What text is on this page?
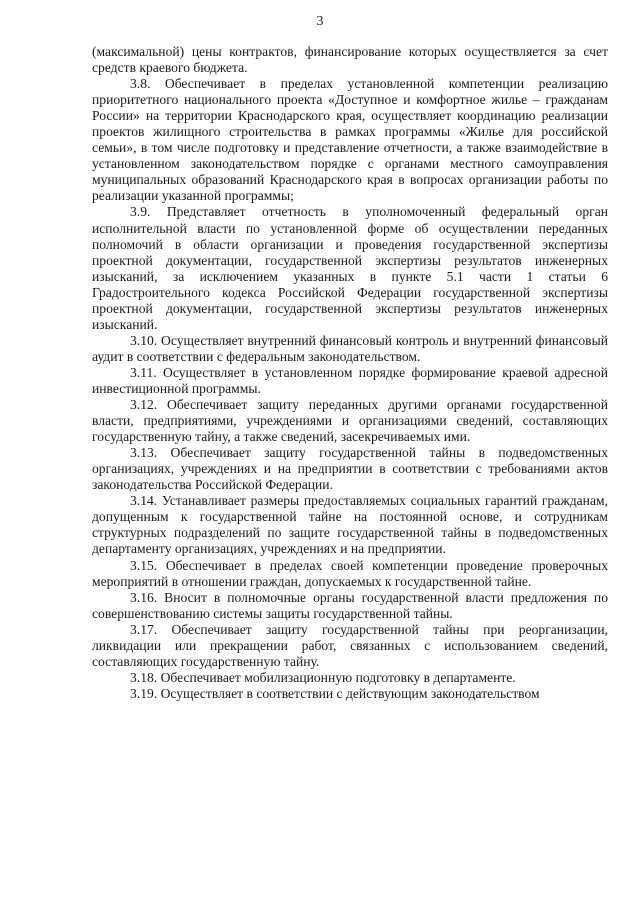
3

(максимальной) цены контрактов, финансирование которых осуществляется за счет средств краевого бюджета.

3.8. Обеспечивает в пределах установленной компетенции реализацию приоритетного национального проекта «Доступное и комфортное жилье – гражданам России» на территории Краснодарского края, осуществляет координацию реализации проектов жилищного строительства в рамках программы «Жилье для российской семьи», в том числе подготовку и представление отчетности, а также взаимодействие в установленном законодательством порядке с органами местного самоуправления муниципальных образований Краснодарского края в вопросах организации работы по реализации указанной программы;

3.9. Представляет отчетность в уполномоченный федеральный орган исполнительной власти по установленной форме об осуществлении переданных полномочий в области организации и проведения государственной экспертизы проектной документации, государственной экспертизы результатов инженерных изысканий, за исключением указанных в пункте 5.1 части 1 статьи 6 Градостроительного кодекса Российской Федерации государственной экспертизы проектной документации, государственной экспертизы результатов инженерных изысканий.

3.10. Осуществляет внутренний финансовый контроль и внутренний финансовый аудит в соответствии с федеральным законодательством.

3.11. Осуществляет в установленном порядке формирование краевой адресной инвестиционной программы.

3.12. Обеспечивает защиту переданных другими органами государственной власти, предприятиями, учреждениями и организациями сведений, составляющих государственную тайну, а также сведений, засекречиваемых ими.

3.13. Обеспечивает защиту государственной тайны в подведомственных организациях, учреждениях и на предприятии в соответствии с требованиями актов законодательства Российской Федерации.

3.14. Устанавливает размеры предоставляемых социальных гарантий гражданам, допущенным к государственной тайне на постоянной основе, и сотрудникам структурных подразделений по защите государственной тайны в подведомственных департаменту организациях, учреждениях и на предприятии.

3.15. Обеспечивает в пределах своей компетенции проведение проверочных мероприятий в отношении граждан, допускаемых к государственной тайне.

3.16. Вносит в полномочные органы государственной власти предложения по совершенствованию системы защиты государственной тайны.

3.17. Обеспечивает защиту государственной тайны при реорганизации, ликвидации или прекращении работ, связанных с использованием сведений, составляющих государственную тайну.

3.18. Обеспечивает мобилизационную подготовку в департаменте.

3.19. Осуществляет в соответствии с действующим законодательством
